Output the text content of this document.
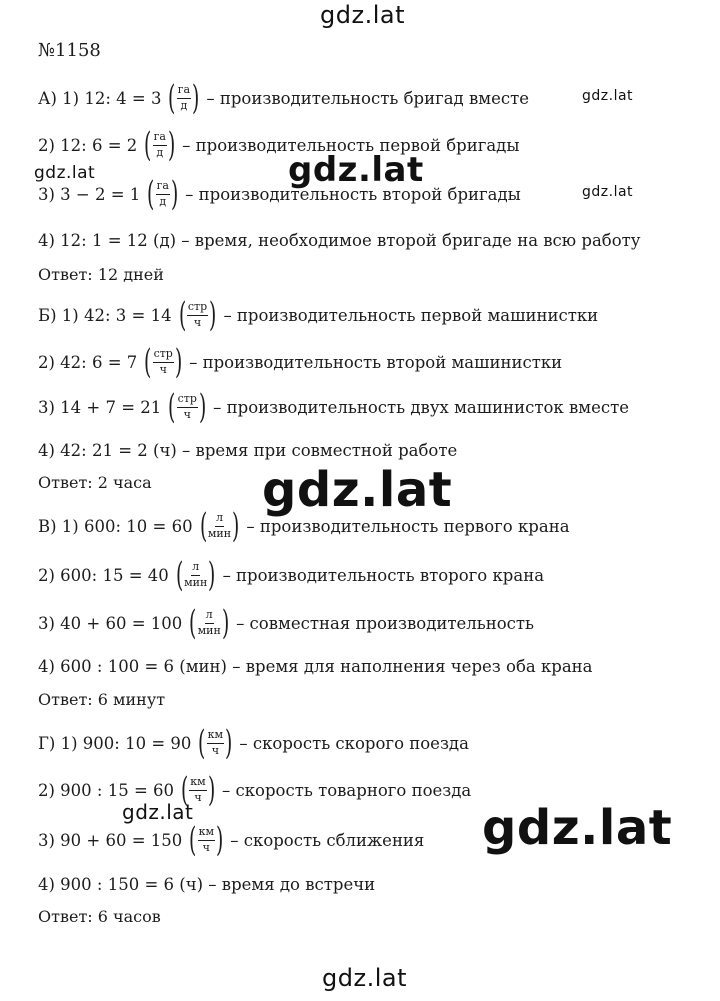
gdz.lat
gdz.lat
gdz.lat
gdz.lat	gdz.lat
gdz.lat
gdz.lat	gdz.lat
gdz.lat
№1158
А) 1) 12: 4 = 3 ( $\frac{га}{д}$ ) – производительность бригад вместе
2) 12: 6 = 2 ( $\frac{га}{д}$ ) – производительность первой бригады
3) 3 − 2 = 1 ( $\frac{га}{д}$ ) – производительность второй бригады
4) 12: 1 = 12 (д) – время, необходимое второй бригаде на всю работу
Ответ: 12 дней
Б) 1) 42: 3 = 14 ( $\frac{\text{стр}}{ч}$ ) – производительность первой машинистки
2) 42: 6 = 7 ( $\frac{\text{стр}}{ч}$ ) – производительность второй машинистки
3) 14 + 7 = 21 ( $\frac{\text{стр}}{ч}$ ) – производительность двух машинисток вместе
4) 42: 21 = 2 (ч) – время при совместной работе
Ответ: 2 часа
В) 1) 600: 10 = 60 ( $\frac{л}{\text{мин}}$ ) – производительность первого крана
2) 600: 15 = 40 ( $\frac{л}{\text{мин}}$ ) – производительность второго крана
3) 40 + 60 = 100 ( $\frac{л}{\text{мин}}$ ) – совместная производительность
4) 600 : 100 = 6 (мин) – время для наполнения через оба крана
Ответ: 6 минут
Г) 1) 900: 10 = 90 ( $\frac{км}{ч}$ ) – скорость скорого поезда
2) 900 : 15 = 60 ( $\frac{км}{ч}$ ) – скорость товарного поезда
3) 90 + 60 = 150 ( $\frac{км}{ч}$ ) – скорость сближения
4) 900 : 150 = 6 (ч) – время до встречи
Ответ: 6 часов
